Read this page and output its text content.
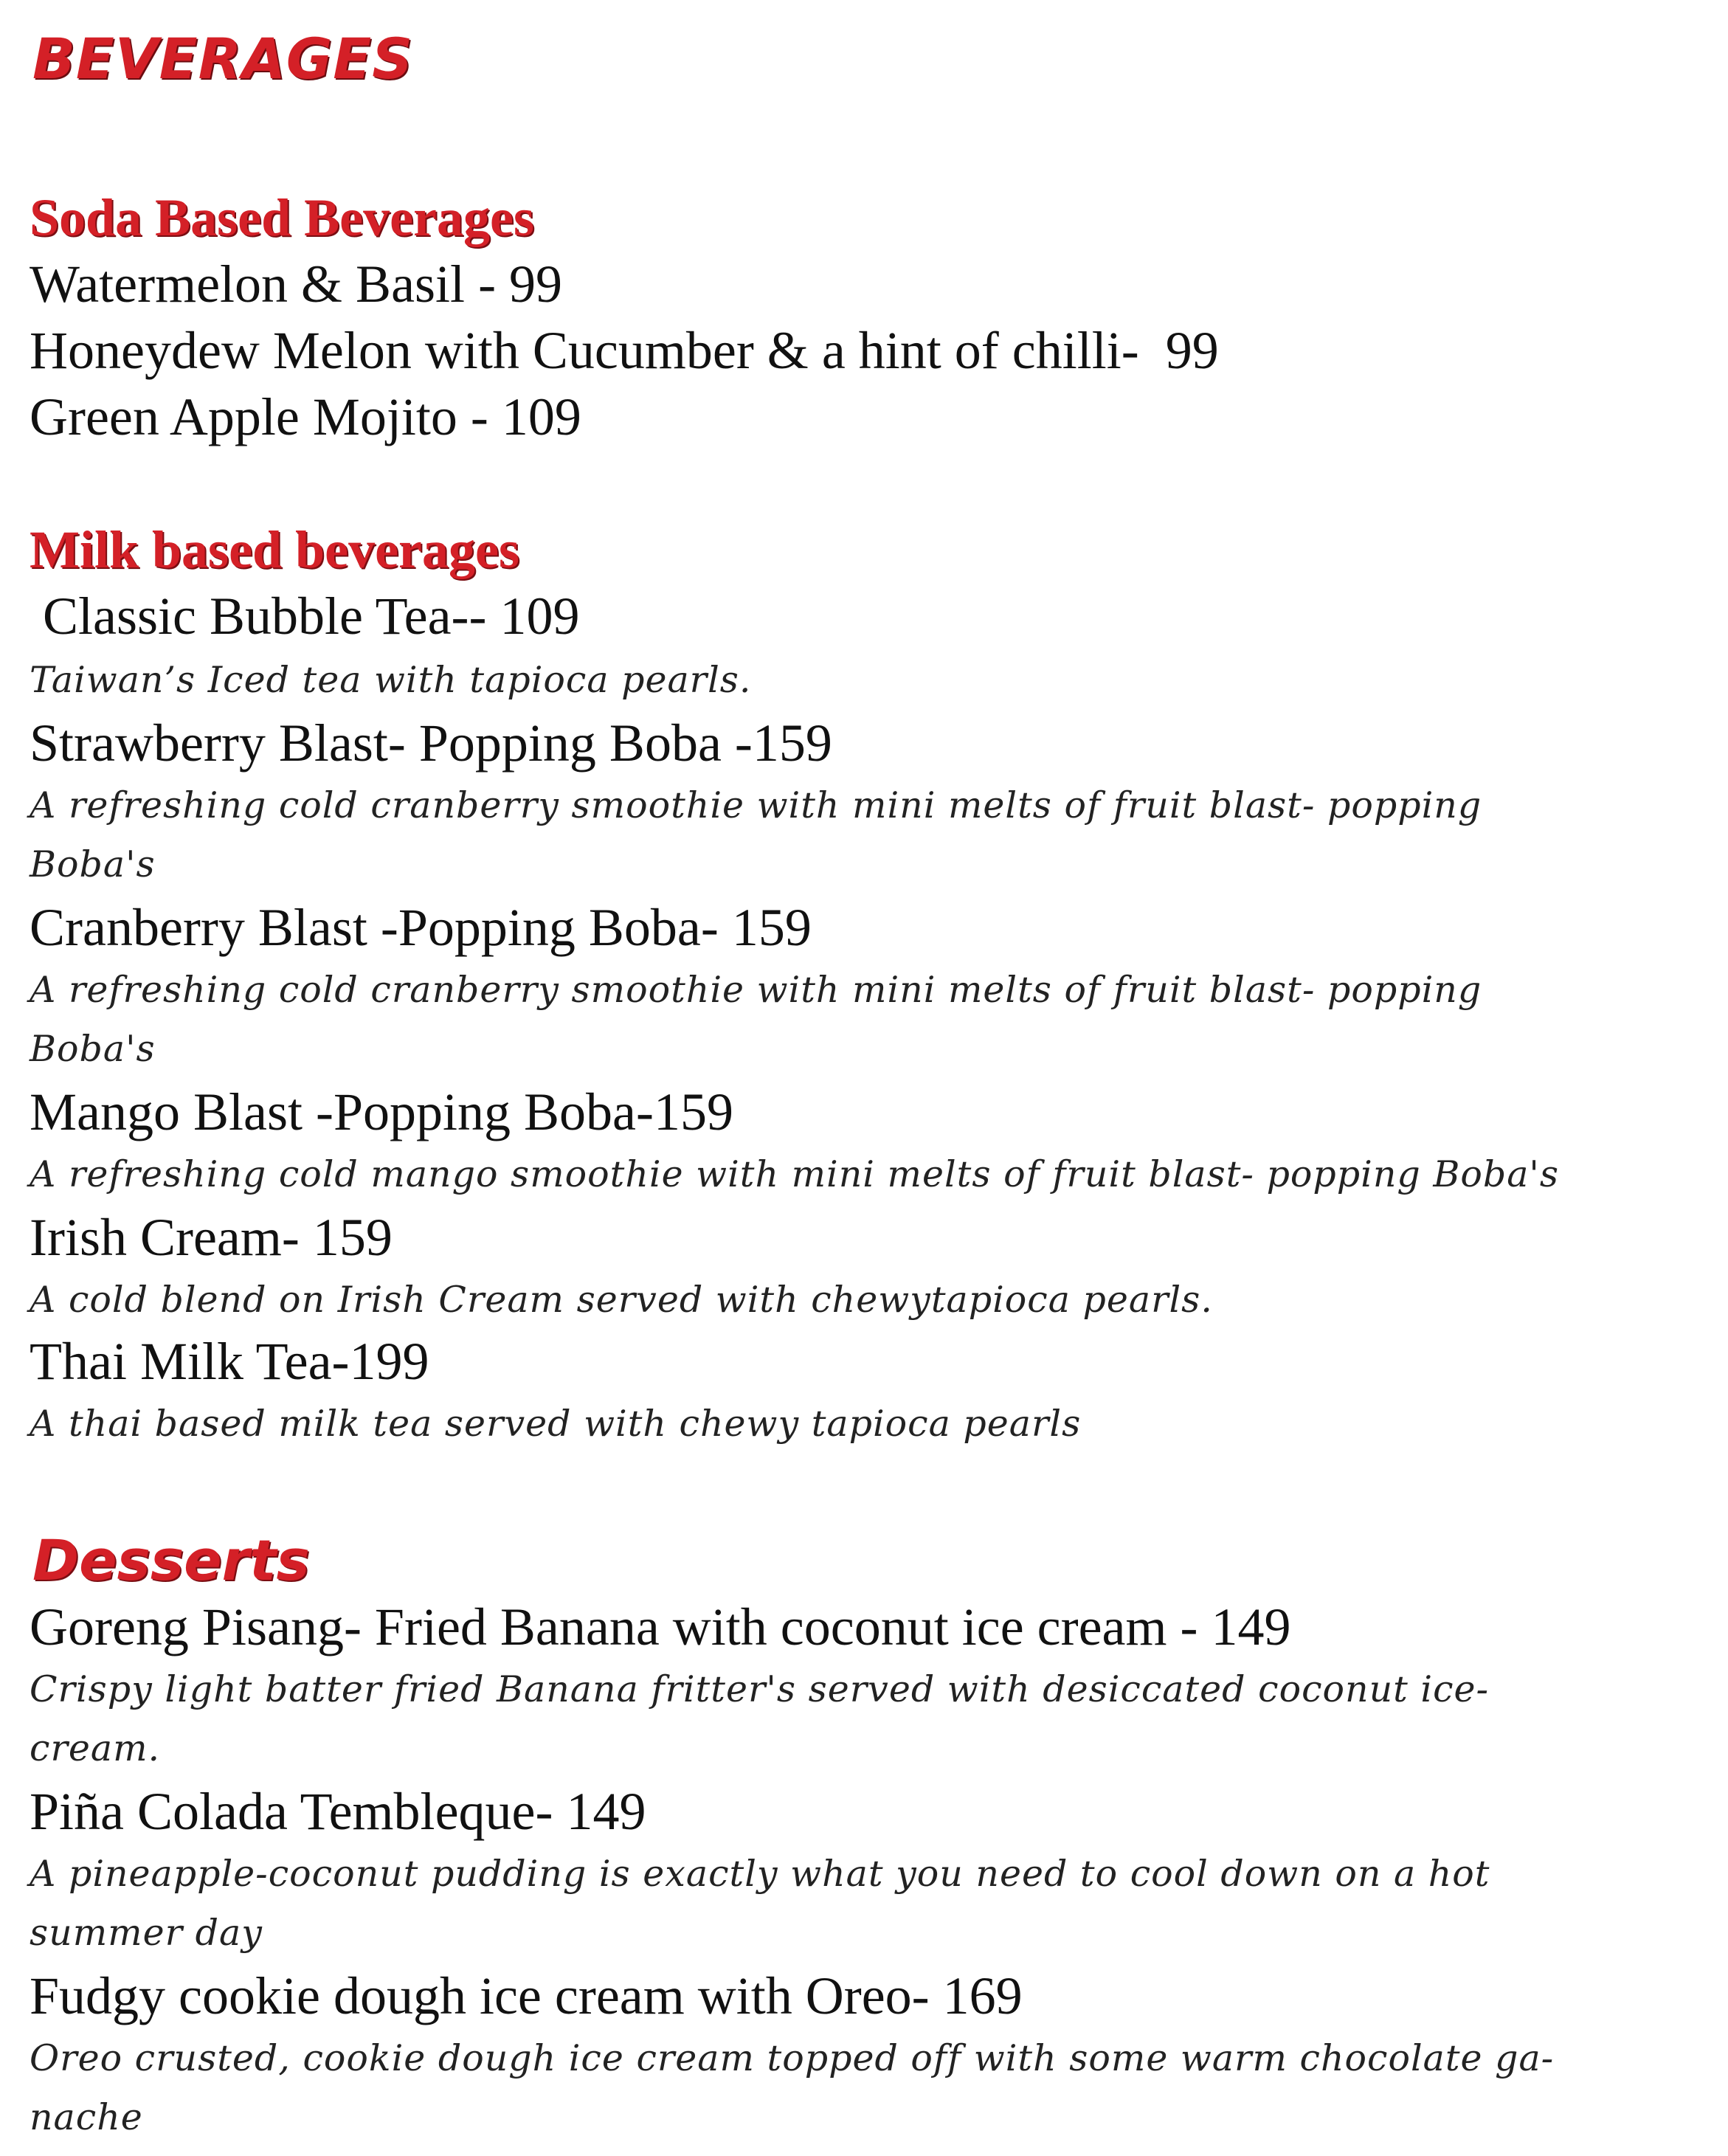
BEVERAGES
Soda Based Beverages

Watermelon & Basil - 99

Honeydew Melon with Cucumber & a hint of chilli-  99

Green Apple Mojito - 109

Milk based beverages

Classic Bubble Tea-- 109

Taiwan’s Iced tea with tapioca pearls.

Strawberry Blast- Popping Boba -159

A refreshing cold cranberry smoothie with mini melts of fruit blast- popping

Boba's

Cranberry Blast -Popping Boba- 159

A refreshing cold cranberry smoothie with mini melts of fruit blast- popping

Boba's

Mango Blast -Popping Boba-159

A refreshing cold mango smoothie with mini melts of fruit blast- popping Boba's

Irish Cream- 159

A cold blend on Irish Cream served with chewytapioca pearls.

Thai Milk Tea-199

A thai based milk tea served with chewy tapioca pearls

Desserts

Goreng Pisang- Fried Banana with coconut ice cream - 149

Crispy light batter fried Banana fritter's served with desiccated coconut ice-

cream.

Piña Colada Tembleque- 149

A pineapple-coconut pudding is exactly what you need to cool down on a hot

summer day

Fudgy cookie dough ice cream with Oreo- 169

Oreo crusted, cookie dough ice cream topped off with some warm chocolate ga-

nache
